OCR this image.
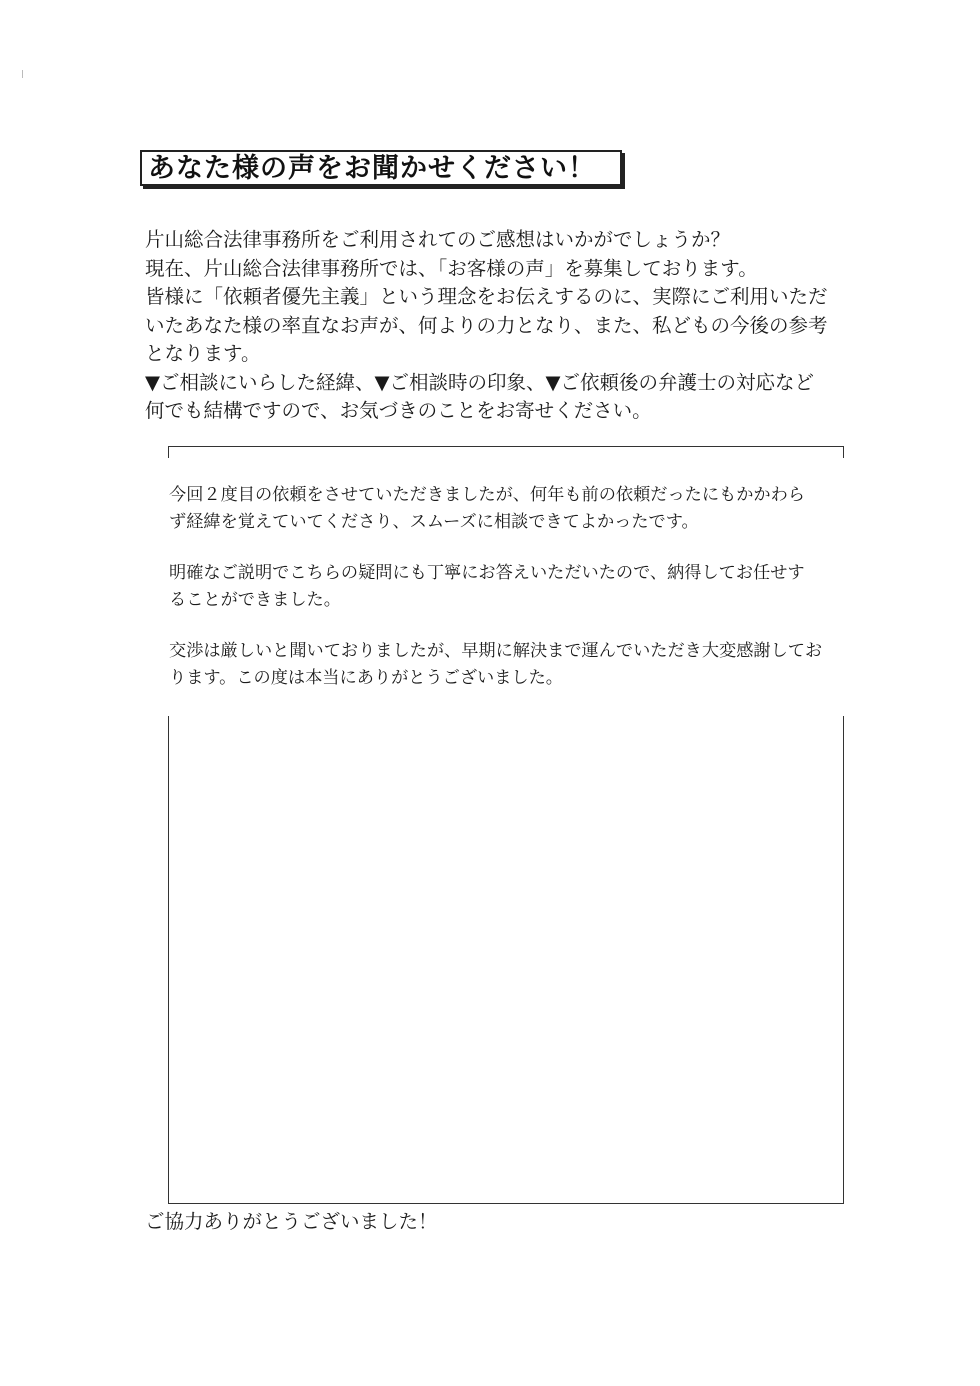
あなた様の声をお聞かせください！
片山総合法律事務所をご利用されてのご感想はいかがでしょうか？
現在、片山総合法律事務所では、「お客様の声」を募集しております。
皆様に「依頼者優先主義」という理念をお伝えするのに、実際にご利用いただ
いたあなた様の率直なお声が、何よりの力となり、また、私どもの今後の参考
となります。
▼ご相談にいらした経緯、▼ご相談時の印象、▼ご依頼後の弁護士の対応など
何でも結構ですので、お気づきのことをお寄せください。
今回２度目の依頼をさせていただきましたが、何年も前の依頼だったにもかかわら
ず経緯を覚えていてくださり、スムーズに相談できてよかったです。
明確なご説明でこちらの疑問にも丁寧にお答えいただいたので、納得してお任せす
ることができました。
交渉は厳しいと聞いておりましたが、早期に解決まで運んでいただき大変感謝してお
ります。この度は本当にありがとうございました。
ご協力ありがとうございました！
